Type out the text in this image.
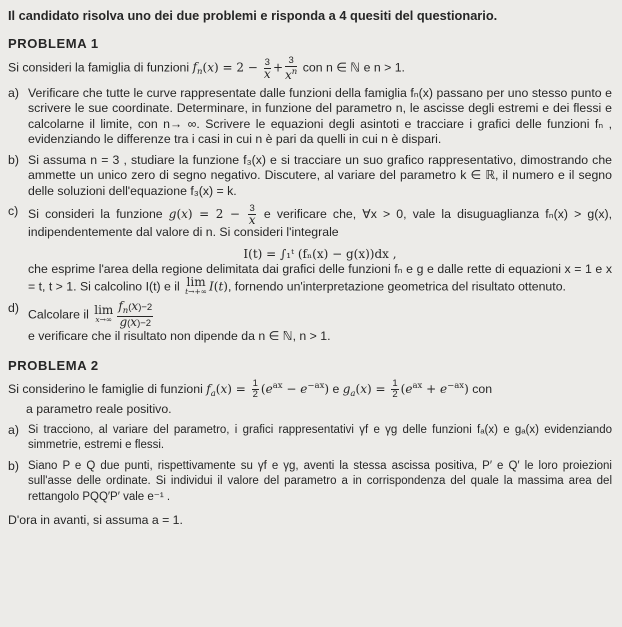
Il candidato risolva uno dei due problemi e risponda a 4 quesiti del questionario.
PROBLEMA 1
Si consideri la famiglia di funzioni $f_n(x) = 2 - \frac{3}{x} + \frac{3}{x^n}$ con n ∈ ℕ e n > 1.
a) Verificare che tutte le curve rappresentate dalle funzioni della famiglia fₙ(x) passano per uno stesso punto e scrivere le sue coordinate. Determinare, in funzione del parametro n, le ascisse degli estremi e dei flessi e calcolarne il limite, con n→ ∞. Scrivere le equazioni degli asintoti e tracciare i grafici delle funzioni fₙ , evidenziando le differenze tra i casi in cui n è pari da quelli in cui n è dispari.
b) Si assuma n = 3 , studiare la funzione f₃(x) e si tracciare un suo grafico rappresentativo, dimostrando che ammette un unico zero di segno negativo. Discutere, al variare del parametro k ∈ ℝ, il numero e il segno delle soluzioni dell'equazione f₃(x) = k.
c) Si consideri la funzione $g(x) = 2 - \frac{3}{x}$ e verificare che, ∀x > 0, vale la disuguaglianza fₙ(x) > g(x), indipendentemente dal valore di n. Si consideri l'integrale
I(t) = ∫₁ᵗ (fₙ(x) − g(x))dx ,
che esprime l'area della regione delimitata dai grafici delle funzioni fₙ e g e dalle rette di equazioni x = 1 e x = t, t > 1. Si calcolino I(t) e il lim
t→+∞ I(t), fornendo un'interpretazione geometrica del risultato ottenuto.
d) Calcolare il lim
$x\to\infty \frac{f_n(x)-2}{g(x)-2}$
e verificare che il risultato non dipende da n ∈ ℕ, n > 1.
PROBLEMA 2
Si considerino le famiglie di funzioni $f_a(x) = \frac{1}{2} (e^{ax} - e^{-ax})$ e $g_a(x) = \frac{1}{2} (e^{ax} + e^{-ax})$ con
a parametro reale positivo.
a) Si tracciono, al variare del parametro, i grafici rappresentativi γf e γg delle funzioni fₐ(x) e gₐ(x) evidenziando simmetrie, estremi e flessi.
b) Siano P e Q due punti, rispettivamente su γf e γg, aventi la stessa ascissa positiva, P′ e Q′ le loro proiezioni sull'asse delle ordinate. Si individui il valore del parametro a in corrispondenza del quale la massima area del rettangolo PQQ′P′ vale e⁻¹ .
D'ora in avanti, si assuma a = 1.
